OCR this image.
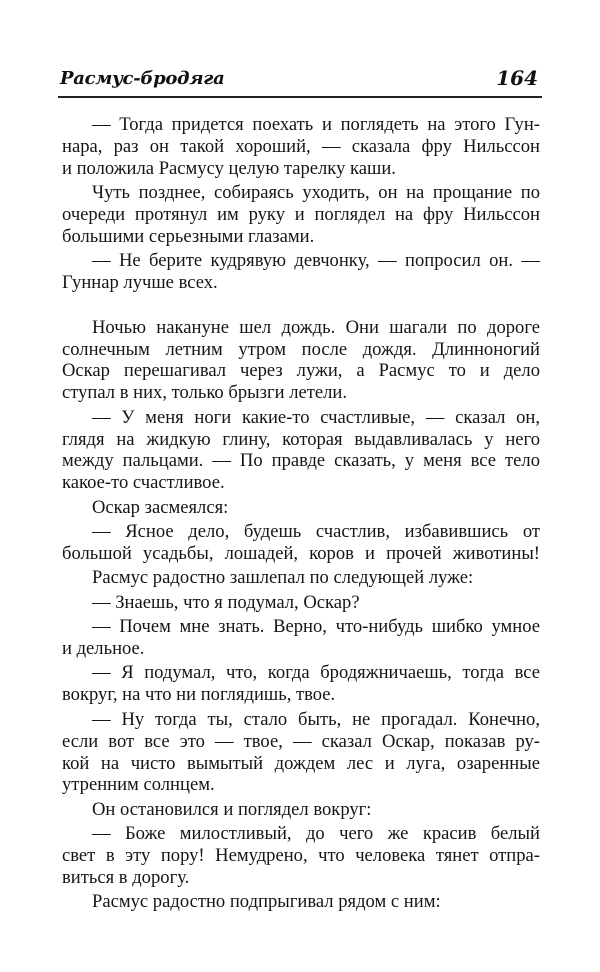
Расмус-бродяга	164
— Тогда придется поехать и поглядеть на этого Гун-
нара, раз он такой хороший, — сказала фру Нильссон
и положила Расмусу целую тарелку каши.
Чуть позднее, собираясь уходить, он на прощание по
очереди протянул им руку и поглядел на фру Нильссон
большими серьезными глазами.
— Не берите кудрявую девчонку, — попросил он. —
Гуннар лучше всех.
Ночью накануне шел дождь. Они шагали по дороге
солнечным летним утром после дождя. Длинноногий
Оскар перешагивал через лужи, а Расмус то и дело
ступал в них, только брызги летели.
— У меня ноги какие-то счастливые, — сказал он,
глядя на жидкую глину, которая выдавливалась у него
между пальцами. — По правде сказать, у меня все тело
какое-то счастливое.
Оскар засмеялся:
— Ясное дело, будешь счастлив, избавившись от
большой усадьбы, лошадей, коров и прочей животины!
Расмус радостно зашлепал по следующей луже:
— Знаешь, что я подумал, Оскар?
— Почем мне знать. Верно, что-нибудь шибко умное
и дельное.
— Я подумал, что, когда бродяжничаешь, тогда все
вокруг, на что ни поглядишь, твое.
— Ну тогда ты, стало быть, не прогадал. Конечно,
если вот все это — твое, — сказал Оскар, показав ру-
кой на чисто вымытый дождем лес и луга, озаренные
утренним солнцем.
Он остановился и поглядел вокруг:
— Боже милостливый, до чего же красив белый
свет в эту пору! Немудрено, что человека тянет отпра-
виться в дорогу.
Расмус радостно подпрыгивал рядом с ним:
